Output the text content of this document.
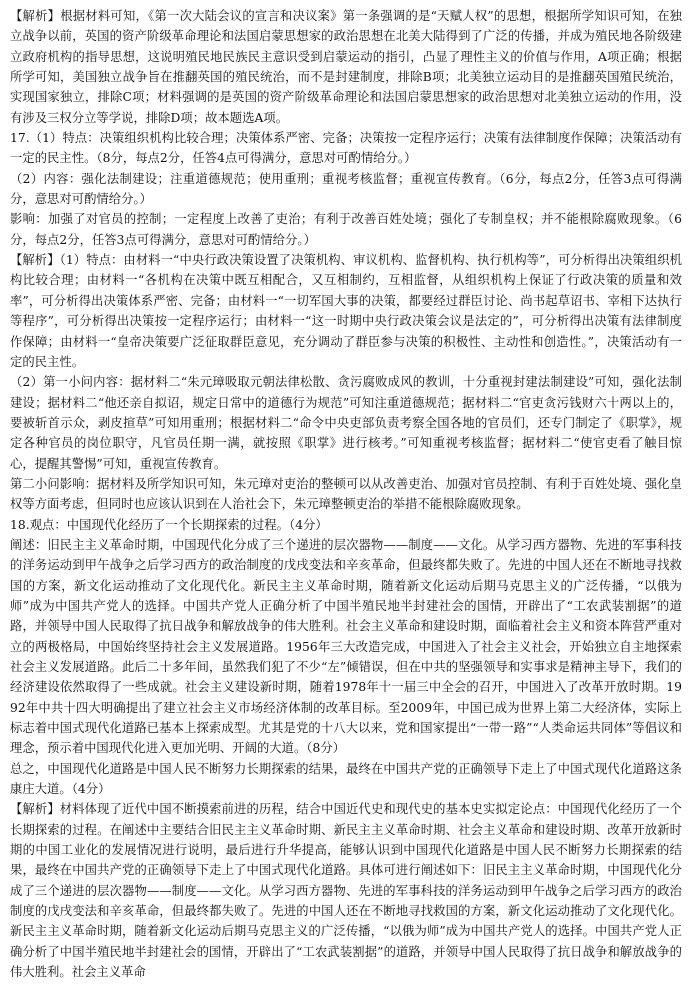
【解析】根据材料可知，《第一次大陆会议的宣言和决议案》第一条强调的是“天赋人权”的思想，根据所学知识可知，在独立战争以前，英国的资产阶级革命理论和法国启蒙思想家的政治思想在北美大陆得到了广泛的传播，并成为殖民地各阶级建立政府机构的指导思想，这说明殖民地民族民主意识受到启蒙运动的指引，凸显了理性主义的价值与作用，A项正确；根据所学可知，美国独立战争旨在推翻英国的殖民统治，而不是封建制度，排除B项；北美独立运动目的是推翻英国殖民统治，实现国家独立，排除C项；材料强调的是英国的资产阶级革命理论和法国启蒙思想家的政治思想对北美独立运动的作用，没有涉及三权分立等学说，排除D项；故本题选A项。

17.（1）特点：决策组织机构比较合理；决策体系严密、完备；决策按一定程序运行；决策有法律制度作保障；决策活动有一定的民主性。（8分，每点2分，任答4点可得满分，意思对可酌情给分。）

（2）内容：强化法制建设；注重道德规范；使用重刑；重视考核监督；重视宣传教育。（6分，每点2分，任答3点可得满分，意思对可酌情给分。）

影响：加强了对官员的控制；一定程度上改善了吏治；有利于改善百姓处境；强化了专制皇权；并不能根除腐败现象。（6分，每点2分，任答3点可得满分，意思对可酌情给分。）

【解析】（1）特点：由材料一“中央行政决策设置了决策机构、审议机构、监督机构、执行机构等”，可分析得出决策组织机构比较合理；由材料一“各机构在决策中既互相配合，又互相制约，互相监督，从组织机构上保证了行政决策的质量和效率”，可分析得出决策体系严密、完备；由材料一“一切军国大事的决策，都要经过群臣讨论、尚书起草诏书、宰相下达执行等程序”，可分析得出决策按一定程序运行；由材料一“这一时期中央行政决策会议是法定的”，可分析得出决策有法律制度作保障；由材料一“皇帝决策要广泛征取群臣意见，充分调动了群臣参与决策的积极性、主动性和创造性。”，决策活动有一定的民主性。

（2）第一小问内容：据材料二“朱元璋吸取元朝法律松散、贪污腐败成风的教训，十分重视封建法制建设”可知，强化法制建设；据材料二“他还亲自拟诏，规定日常中的道德行为规范”可知注重道德规范；据材料二“官吏贪污钱财六十两以上的，要被斩首示众，剥皮揎草”可知用重刑；根据材料二“命令中央吏部负责考察全国各地的官员们，还专门制定了《职掌》，规定各种官员的岗位职守，凡官员任期一满，就按照《职掌》进行核考。”可知重视考核监督；据材料二“使官吏看了触目惊心，提醒其警惕”可知，重视宣传教育。

第二小问影响：据材料及所学知识可知，朱元璋对吏治的整顿可以从改善吏治、加强对官员控制、有利于百姓处境、强化皇权等方面考虑，但同时也应该认识到在人治社会下，朱元璋整顿吏治的举措不能根除腐败现象。

18.观点：中国现代化经历了一个长期探索的过程。（4分）

阐述：旧民主主义革命时期，中国现代化分成了三个递进的层次器物——制度——文化。从学习西方器物、先进的军事科技的洋务运动到甲午战争之后学习西方的政治制度的戊戌变法和辛亥革命，但最终都失败了。先进的中国人还在不断地寻找救国的方案，新文化运动推动了文化现代化。新民主主义革命时期，随着新文化运动后期马克思主义的广泛传播，“以俄为师”成为中国共产党人的选择。中国共产党人正确分析了中国半殖民地半封建社会的国情，开辟出了“工农武装割据”的道路，并领导中国人民取得了抗日战争和解放战争的伟大胜利。社会主义革命和建设时期，面临着社会主义和资本阵营严重对立的两极格局，中国始终坚持社会主义发展道路。1956年三大改造完成，中国进入了社会主义社会，开始独立自主地探索社会主义发展道路。此后二十多年间，虽然我们犯了不少“左”倾错误，但在中共的坚强领导和实事求是精神主导下，我们的经济建设依然取得了一些成就。社会主义建设新时期，随着1978年十一届三中全会的召开，中国进入了改革开放时期。1992年中共十四大明确提出了建立社会主义市场经济体制的改革目标。至2009年，中国已成为世界上第二大经济体，实际上标志着中国式现代化道路已基本上探索成型。尤其是党的十八大以来，党和国家提出“一带一路”“人类命运共同体”等倡议和理念，预示着中国现代化进入更加光明、开阔的大道。（8分）

总之，中国现代化道路是中国人民不断努力长期探索的结果，最终在中国共产党的正确领导下走上了中国式现代化道路这条康庄大道。（4分）

【解析】材料体现了近代中国不断摸索前进的历程，结合中国近代史和现代史的基本史实拟定论点：中国现代化经历了一个长期探索的过程。在阐述中主要结合旧民主主义革命时期、新民主主义革命时期、社会主义革命和建设时期、改革开放新时期的中国工业化的发展情况进行说明，最后进行升华提高，能够认识到中国现代化道路是中国人民不断努力长期探索的结果，最终在中国共产党的正确领导下走上了中国式现代化道路。具体可进行阐述如下：旧民主主义革命时期，中国现代化分成了三个递进的层次器物——制度——文化。从学习西方器物、先进的军事科技的洋务运动到甲午战争之后学习西方的政治制度的戊戌变法和辛亥革命，但最终都失败了。先进的中国人还在不断地寻找救国的方案，新文化运动推动了文化现代化。新民主主义革命时期，随着新文化运动后期马克思主义的广泛传播，“以俄为师”成为中国共产党人的选择。中国共产党人正确分析了中国半殖民地半封建社会的国情，开辟出了“工农武装割据”的道路，并领导中国人民取得了抗日战争和解放战争的伟大胜利。社会主义革命
